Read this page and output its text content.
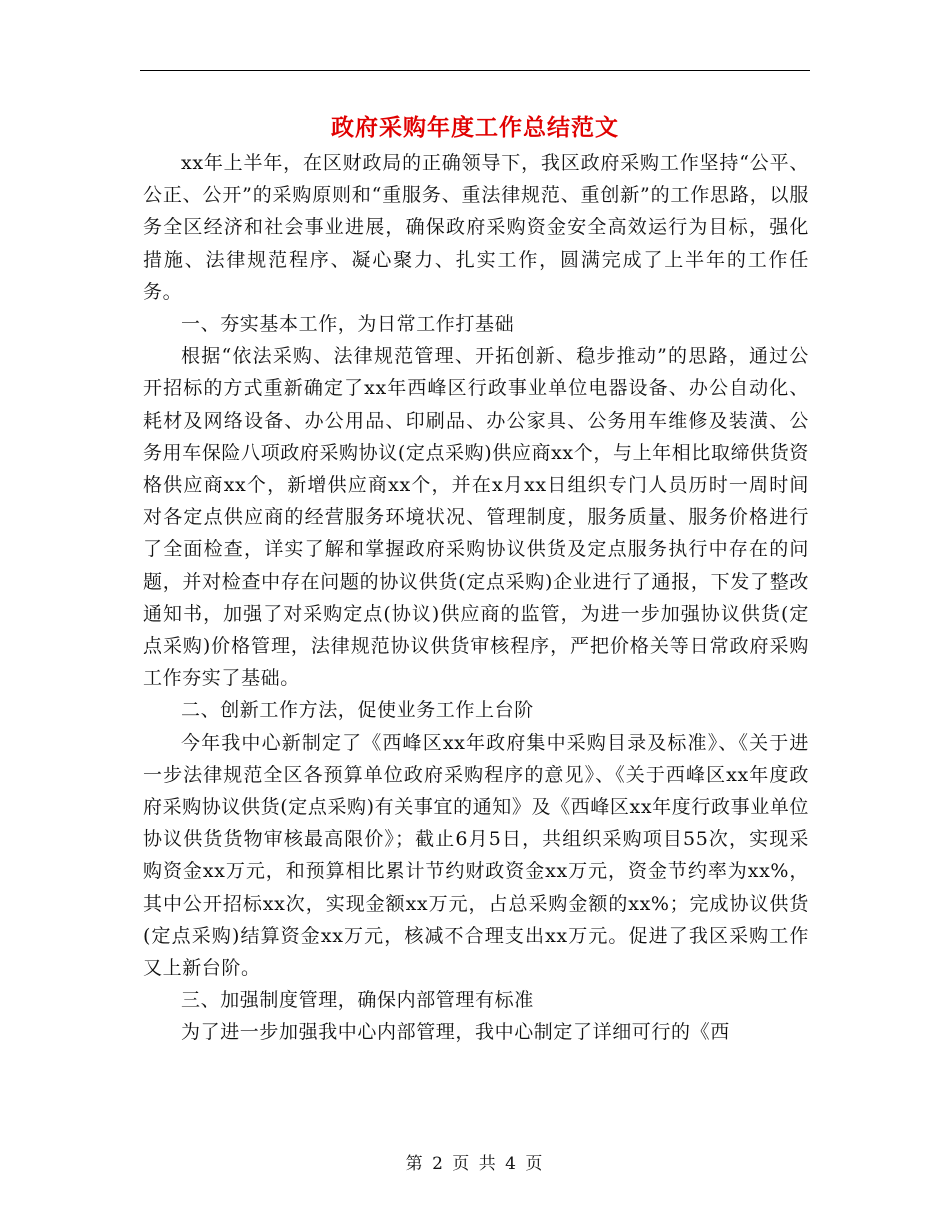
政府采购年度工作总结范文

xx年上半年，在区财政局的正确领导下，我区政府采购工作坚持“公平、公正、公开”的采购原则和“重服务、重法律规范、重创新”的工作思路，以服务全区经济和社会事业进展，确保政府采购资金安全高效运行为目标，强化措施、法律规范程序、凝心聚力、扎实工作，圆满完成了上半年的工作任务。

一、夯实基本工作，为日常工作打基础

根据“依法采购、法律规范管理、开拓创新、稳步推动”的思路，通过公开招标的方式重新确定了xx年西峰区行政事业单位电器设备、办公自动化、耗材及网络设备、办公用品、印刷品、办公家具、公务用车维修及装潢、公务用车保险八项政府采购协议(定点采购)供应商xx个，与上年相比取缔供货资格供应商xx个，新增供应商xx个，并在x月xx日组织专门人员历时一周时间对各定点供应商的经营服务环境状况、管理制度，服务质量、服务价格进行了全面检查，详实了解和掌握政府采购协议供货及定点服务执行中存在的问题，并对检查中存在问题的协议供货(定点采购)企业进行了通报，下发了整改通知书，加强了对采购定点(协议)供应商的监管，为进一步加强协议供货(定点采购)价格管理，法律规范协议供货审核程序，严把价格关等日常政府采购工作夯实了基础。

二、创新工作方法，促使业务工作上台阶

今年我中心新制定了《西峰区xx年政府集中采购目录及标准》、《关于进一步法律规范全区各预算单位政府采购程序的意见》、《关于西峰区xx年度政府采购协议供货(定点采购)有关事宜的通知》及《西峰区xx年度行政事业单位协议供货货物审核最高限价》；截止6月5日，共组织采购项目55次，实现采购资金xx万元，和预算相比累计节约财政资金xx万元，资金节约率为xx%，其中公开招标xx次，实现金额xx万元，占总采购金额的xx%；完成协议供货(定点采购)结算资金xx万元，核减不合理支出xx万元。促进了我区采购工作又上新台阶。

三、加强制度管理，确保内部管理有标准

为了进一步加强我中心内部管理，我中心制定了详细可行的《西

第 2 页 共 4 页
